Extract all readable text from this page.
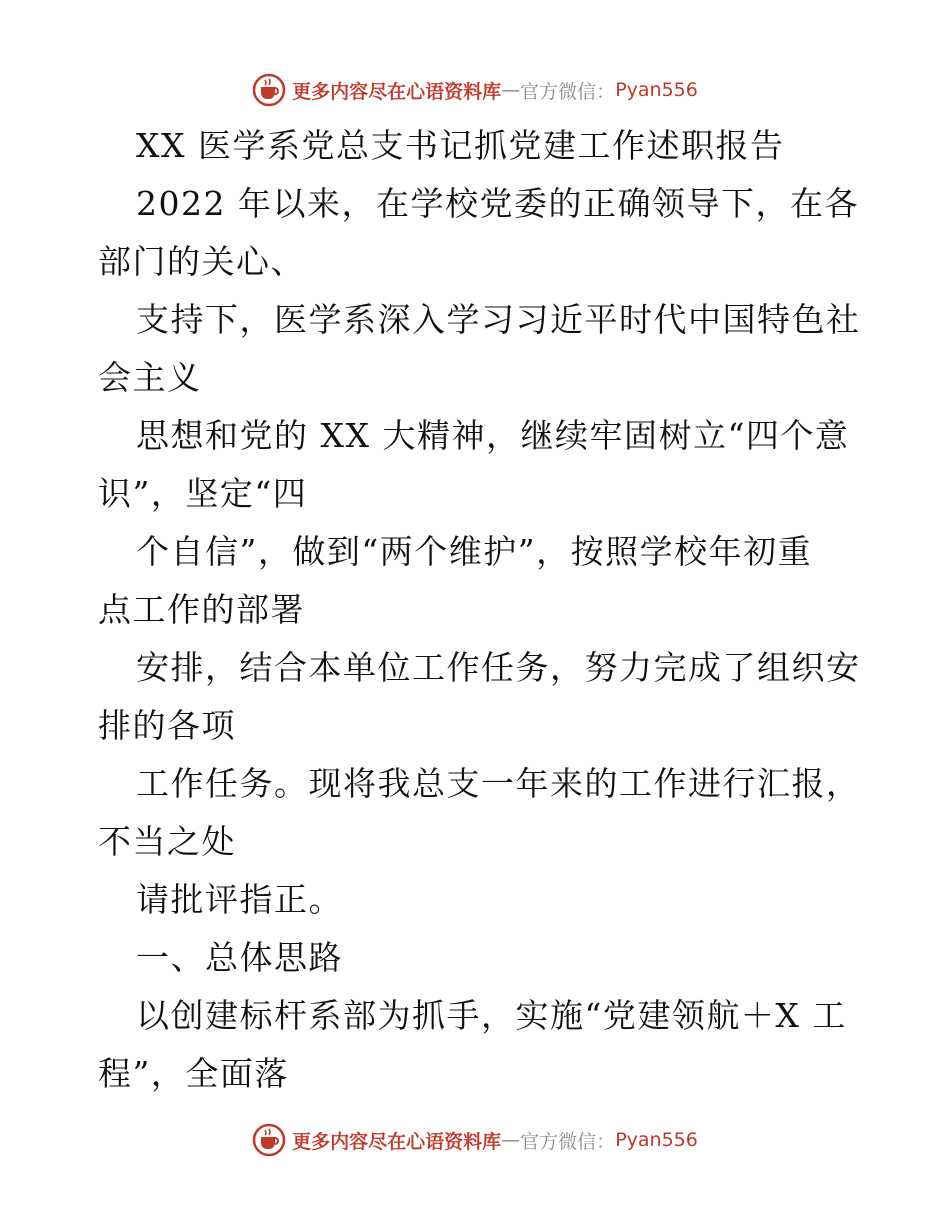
更多内容尽在心语资料库 — 官方微信： Pyan556
XX 医学系党总支书记抓党建工作述职报告
2022 年以来，在学校党委的正确领导下，在各
部门的关心、
支持下，医学系深入学习习近平时代中国特色社
会主义
思想和党的 XX 大精神，继续牢固树立“四个意
识”，坚定“四
个自信”，做到“两个维护”，按照学校年初重
点工作的部署
安排，结合本单位工作任务，努力完成了组织安
排的各项
工作任务。现将我总支一年来的工作进行汇报，
不当之处
请批评指正。
一、总体思路
以创建标杆系部为抓手，实施“党建领航＋X 工
程”，全面落
更多内容尽在心语资料库 — 官方微信： Pyan556
